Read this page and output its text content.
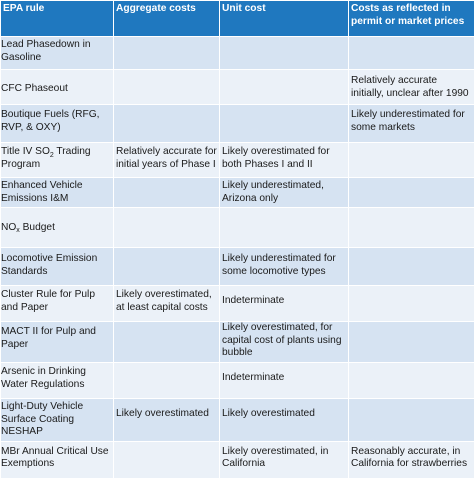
EPA rule	Aggregate costs	Unit cost	Costs as reflected in permit or market prices
Lead Phasedown in Gasoline			
CFC Phaseout			Relatively accurate initially, unclear after 1990
Boutique Fuels (RFG, RVP, & OXY)			Likely underestimated for some markets
Title IV $SO_2$ Trading Program	Relatively accurate for initial years of Phase I	Likely overestimated for both Phases I and II	
Enhanced Vehicle Emissions I&M		Likely underestimated, Arizona only	
NOx Budget			
Locomotive Emission Standards		Likely underestimated for some locomotive types	
Cluster Rule for Pulp and Paper	Likely overestimated, at least capital costs	Indeterminate	
MACT II for Pulp and Paper		Likely overestimated, for capital cost of plants using bubble	
Arsenic in Drinking Water Regulations		Indeterminate	
Light-Duty Vehicle Surface Coating NESHAP	Likely overestimated	Likely overestimated	
MBr Annual Critical Use Exemptions		Likely overestimated, in California	Reasonably accurate, in California for strawberries
